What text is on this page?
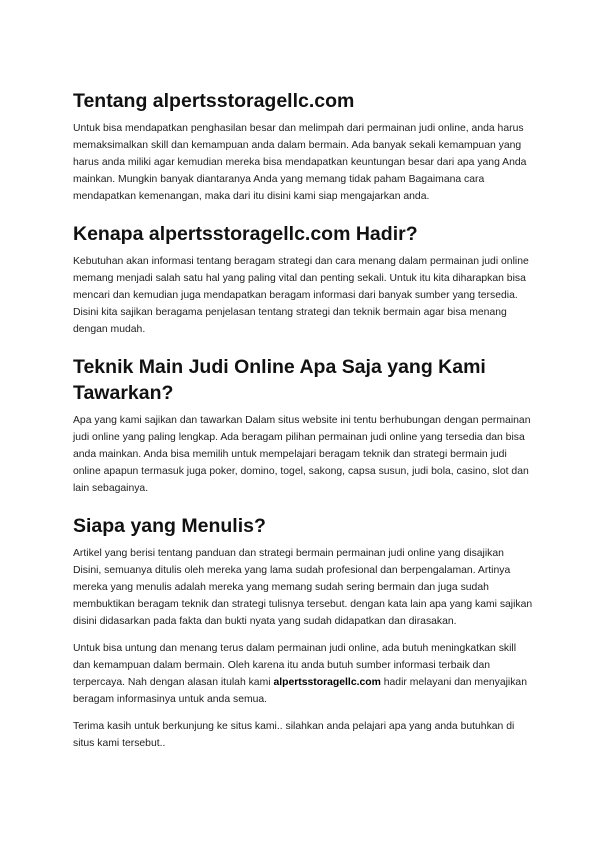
Tentang alpertsstoragellc.com

Untuk bisa mendapatkan penghasilan besar dan melimpah dari permainan judi online, anda harus memaksimalkan skill dan kemampuan anda dalam bermain. Ada banyak sekali kemampuan yang harus anda miliki agar kemudian mereka bisa mendapatkan keuntungan besar dari apa yang Anda mainkan. Mungkin banyak diantaranya Anda yang memang tidak paham Bagaimana cara mendapatkan kemenangan, maka dari itu disini kami siap mengajarkan anda.

Kenapa alpertsstoragellc.com Hadir?

Kebutuhan akan informasi tentang beragam strategi dan cara menang dalam permainan judi online memang menjadi salah satu hal yang paling vital dan penting sekali. Untuk itu kita diharapkan bisa mencari dan kemudian juga mendapatkan beragam informasi dari banyak sumber yang tersedia. Disini kita sajikan beragama penjelasan tentang strategi dan teknik bermain agar bisa menang dengan mudah.

Teknik Main Judi Online Apa Saja yang Kami Tawarkan?

Apa yang kami sajikan dan tawarkan Dalam situs website ini tentu berhubungan dengan permainan judi online yang paling lengkap. Ada beragam pilihan permainan judi online yang tersedia dan bisa anda mainkan. Anda bisa memilih untuk mempelajari beragam teknik dan strategi bermain judi online apapun termasuk juga poker, domino, togel, sakong, capsa susun, judi bola, casino, slot dan lain sebagainya.

Siapa yang Menulis?

Artikel yang berisi tentang panduan dan strategi bermain permainan judi online yang disajikan Disini, semuanya ditulis oleh mereka yang lama sudah profesional dan berpengalaman. Artinya mereka yang menulis adalah mereka yang memang sudah sering bermain dan juga sudah membuktikan beragam teknik dan strategi tulisnya tersebut. dengan kata lain apa yang kami sajikan disini didasarkan pada fakta dan bukti nyata yang sudah didapatkan dan dirasakan.

Untuk bisa untung dan menang terus dalam permainan judi online, ada butuh meningkatkan skill dan kemampuan dalam bermain. Oleh karena itu anda butuh sumber informasi terbaik dan terpercaya. Nah dengan alasan itulah kami alpertsstoragellc.com hadir melayani dan menyajikan beragam informasinya untuk anda semua.

Terima kasih untuk berkunjung ke situs kami.. silahkan anda pelajari apa yang anda butuhkan di situs kami tersebut..
